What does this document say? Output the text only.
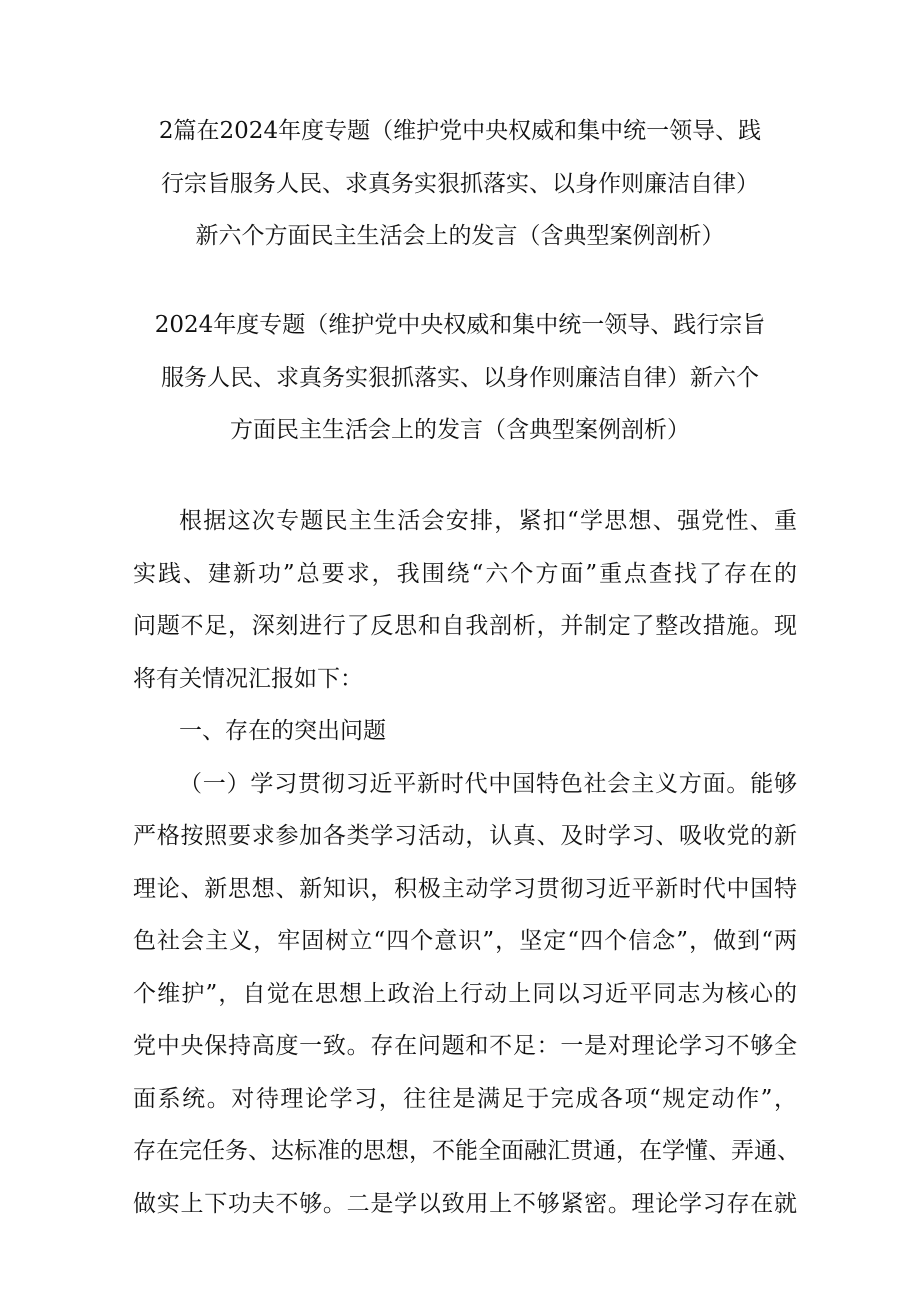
2篇在2024年度专题（维护党中央权威和集中统一领导、践
行宗旨服务人民、求真务实狠抓落实、以身作则廉洁自律）
新六个方面民主生活会上的发言（含典型案例剖析）
2024年度专题（维护党中央权威和集中统一领导、践行宗旨
服务人民、求真务实狠抓落实、以身作则廉洁自律）新六个
方面民主生活会上的发言（含典型案例剖析）
根据这次专题民主生活会安排，紧扣“学思想、强党性、重
实践、建新功”总要求，我围绕“六个方面”重点查找了存在的
问题不足，深刻进行了反思和自我剖析，并制定了整改措施。现
将有关情况汇报如下：
一、存在的突出问题
（一）学习贯彻习近平新时代中国特色社会主义方面。能够
严格按照要求参加各类学习活动，认真、及时学习、吸收党的新
理论、新思想、新知识，积极主动学习贯彻习近平新时代中国特
色社会主义，牢固树立“四个意识”，坚定“四个信念”，做到“两
个维护”，自觉在思想上政治上行动上同以习近平同志为核心的
党中央保持高度一致。存在问题和不足：一是对理论学习不够全
面系统。对待理论学习，往往是满足于完成各项“规定动作”，
存在完任务、达标准的思想，不能全面融汇贯通，在学懂、弄通、
做实上下功夫不够。二是学以致用上不够紧密。理论学习存在就
